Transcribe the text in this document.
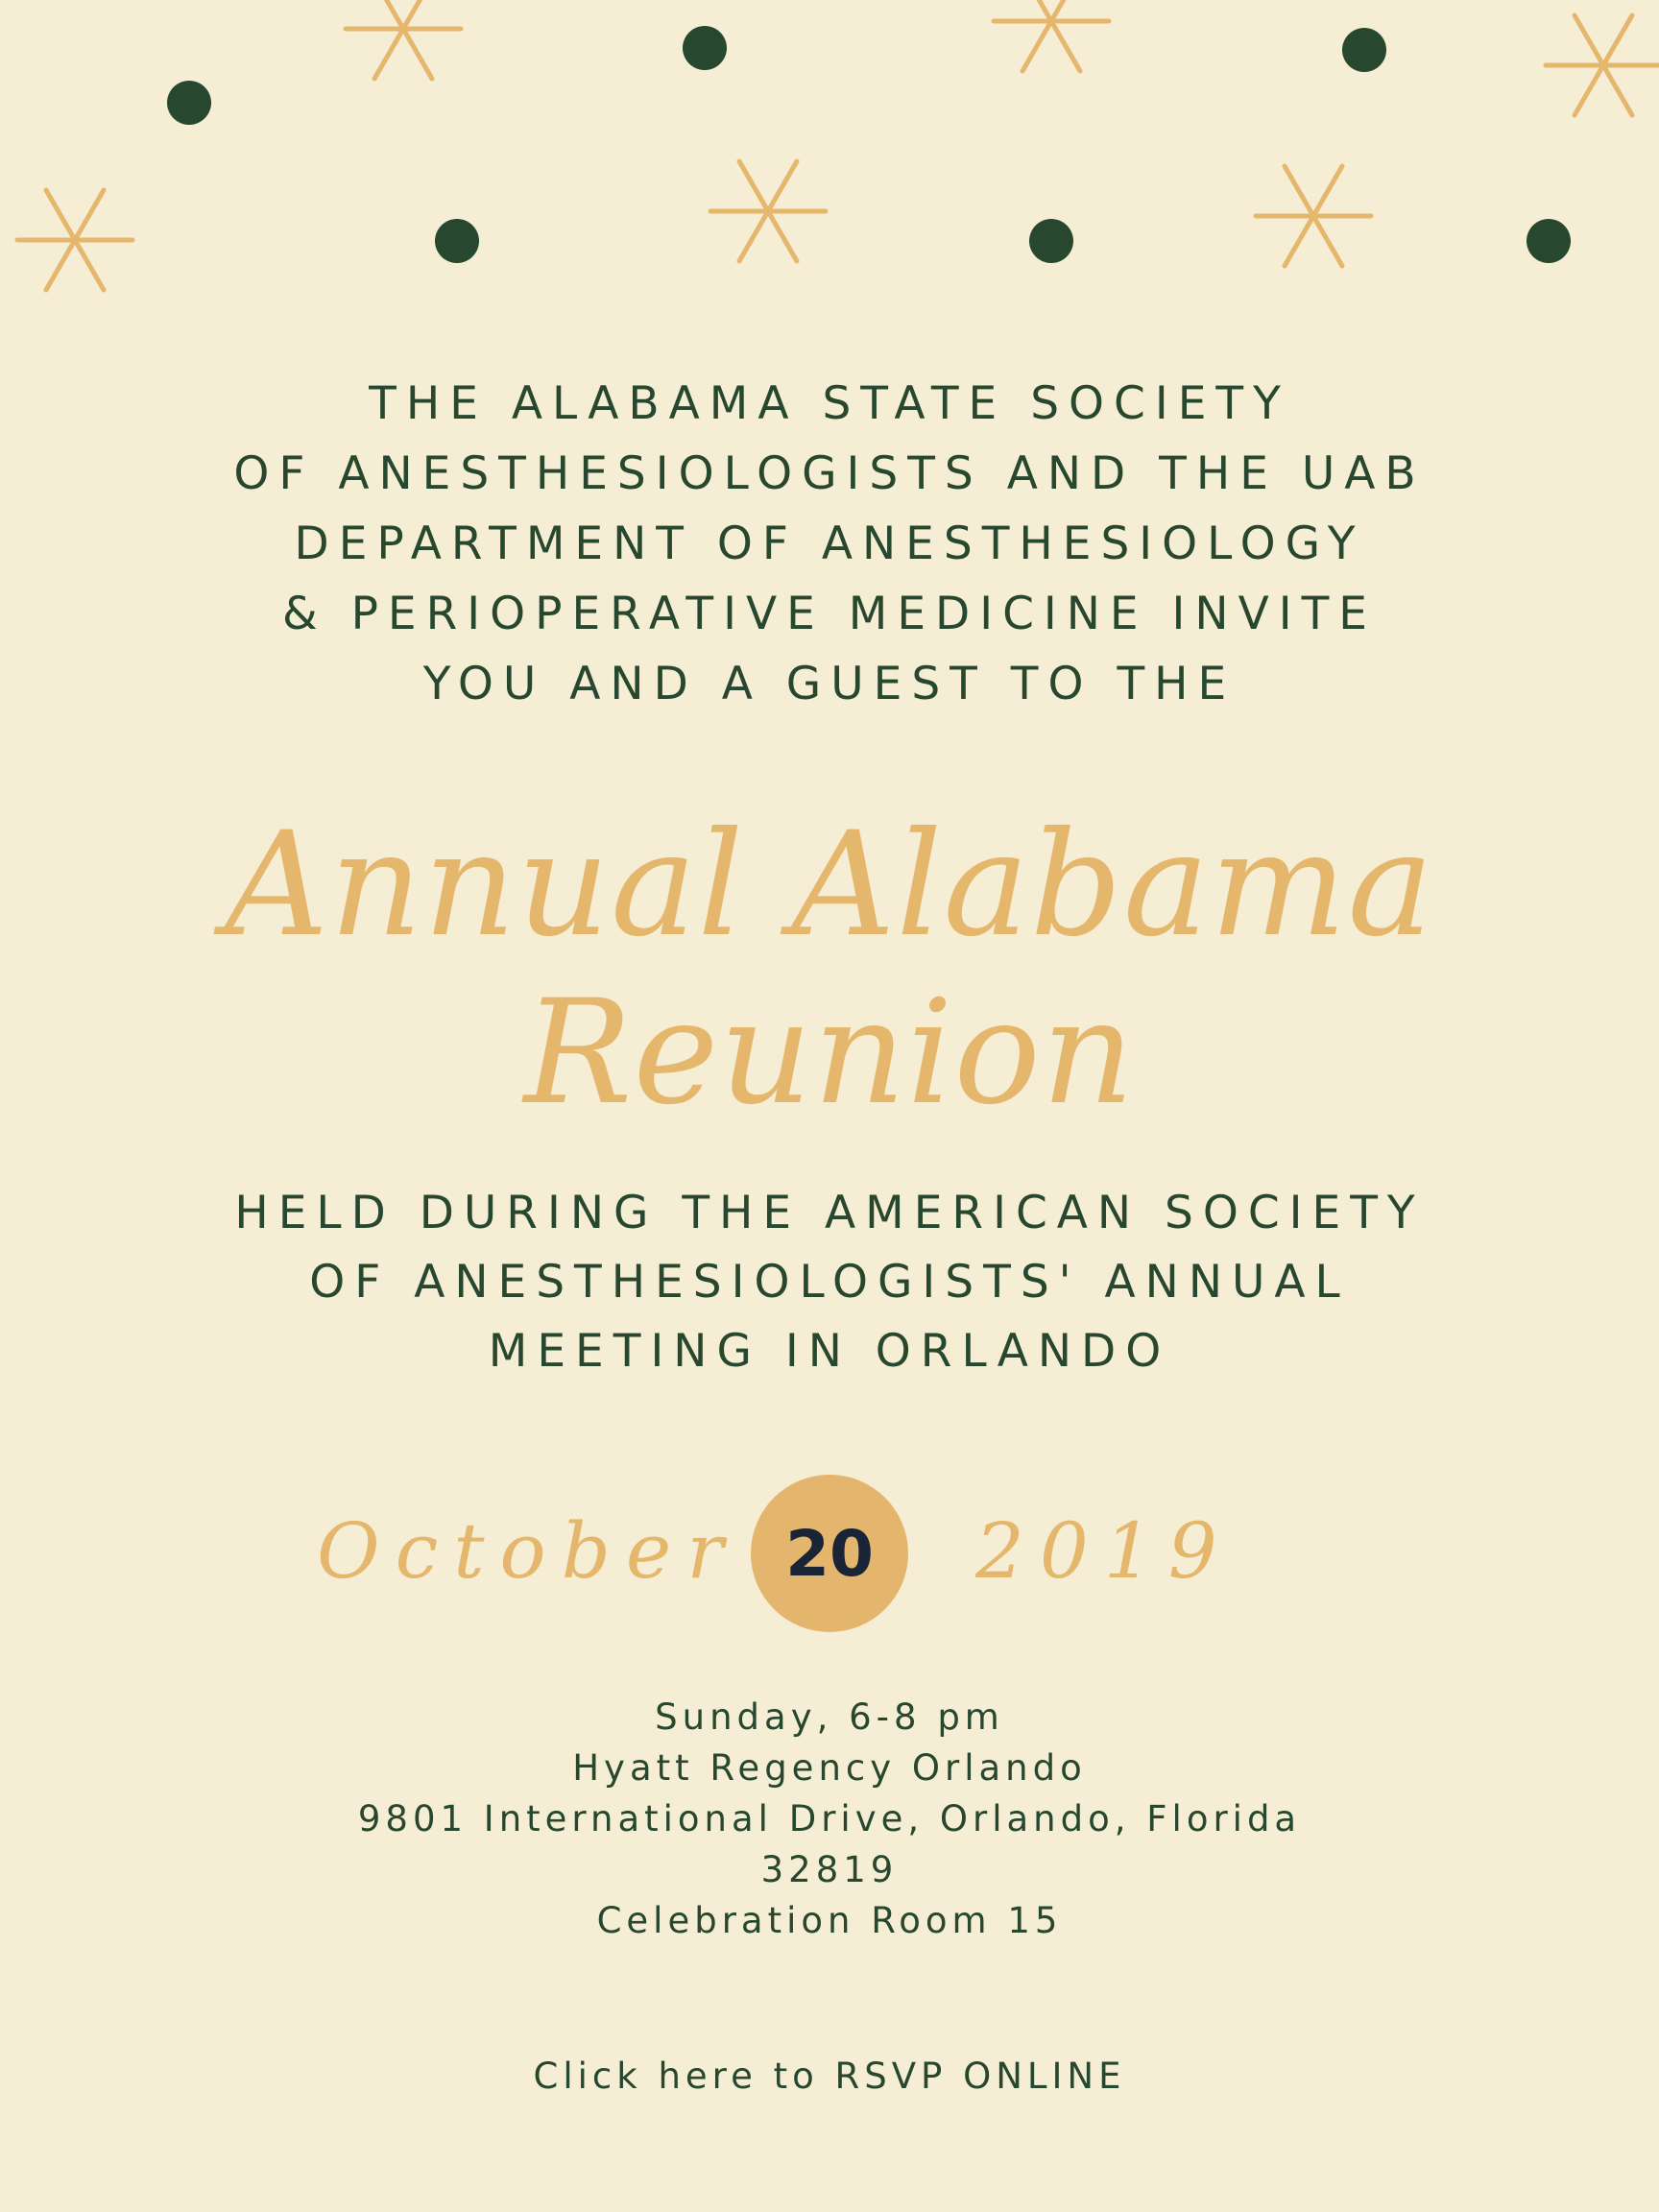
THE ALABAMA STATE SOCIETY
OF ANESTHESIOLOGISTS AND THE UAB
DEPARTMENT OF ANESTHESIOLOGY
& PERIOPERATIVE MEDICINE INVITE
YOU AND A GUEST TO THE
Annual Alabama
Reunion
HELD DURING THE AMERICAN SOCIETY
OF ANESTHESIOLOGISTS' ANNUAL
MEETING IN ORLANDO
October 20 2019
Sunday, 6-8 pm
Hyatt Regency Orlando
9801 International Drive, Orlando, Florida
32819
Celebration Room 15
Click here to RSVP ONLINE
